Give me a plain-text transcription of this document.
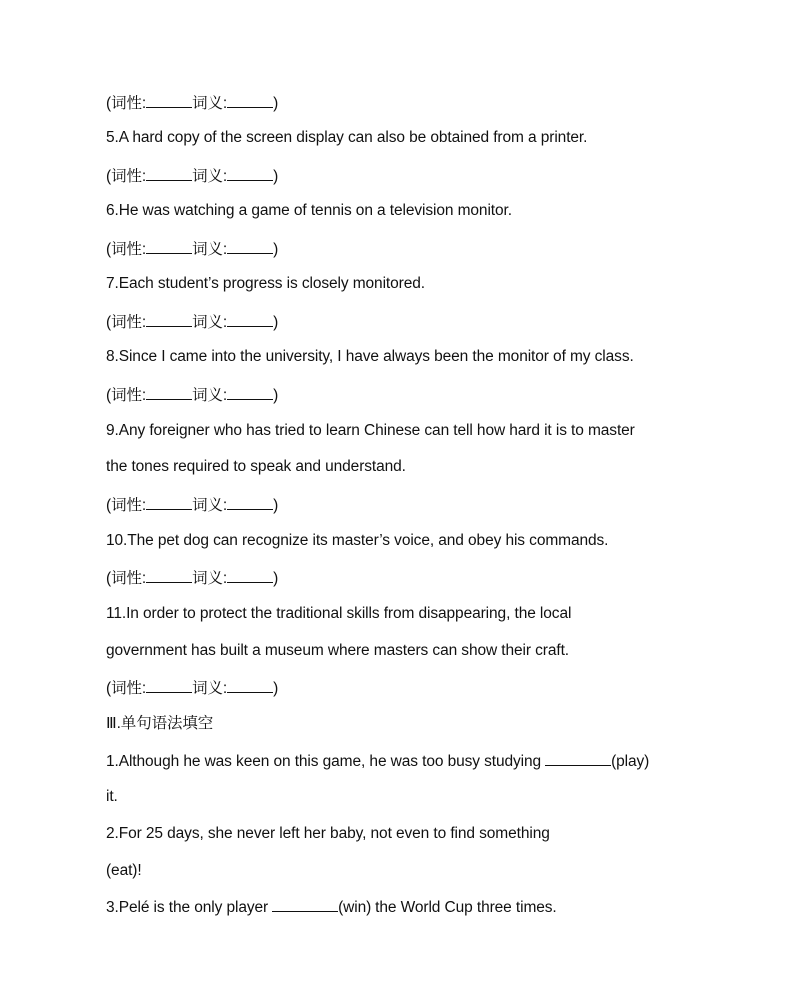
(词性:	词义:	)
5.A hard copy of the screen display can also be obtained from a printer.
(词性:	词义:	)
6.He was watching a game of tennis on a television monitor.
(词性:	词义:	)
7.Each student’s progress is closely monitored.
(词性:	词义:	)
8.Since I came into the university, I have always been the monitor of my class.
(词性:	词义:	)
9.Any foreigner who has tried to learn Chinese can tell how hard it is to master
the tones required to speak and understand.
(词性:	词义:	)
10.The pet dog can recognize its master’s voice, and obey his commands.
(词性:	词义:	)
11.In order to protect the traditional skills from disappearing, the local
government has built a museum where masters can show their craft.
(词性:	词义:	)
Ⅲ.单句语法填空
1.Although he was keen on this game, he was too busy studying	(play)
it.
2.For 25 days, she never left her baby, not even to find something
(eat)!
3.Pelé is the only player	(win) the World Cup three times.
